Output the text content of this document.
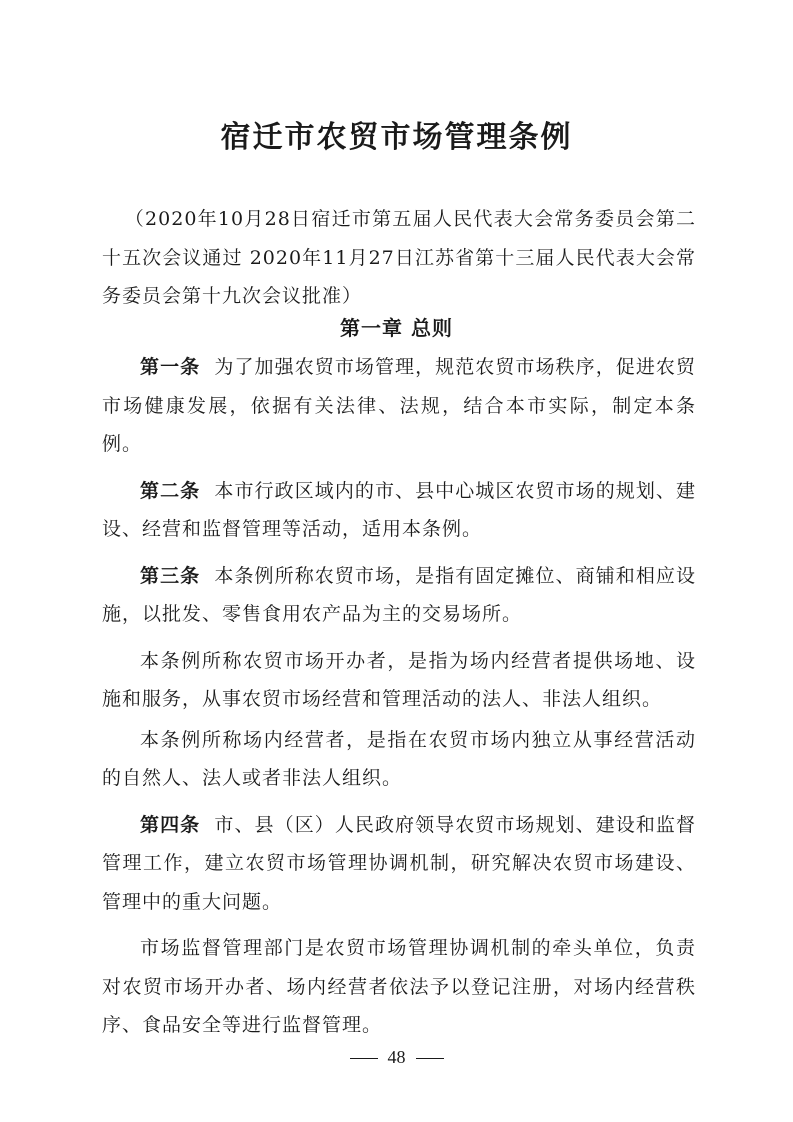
宿迁市农贸市场管理条例
（2020年10月28日宿迁市第五届人民代表大会常务委员会第二十五次会议通过 2020年11月27日江苏省第十三届人民代表大会常务委员会第十九次会议批准）
第一章 总则

第一条 为了加强农贸市场管理，规范农贸市场秩序，促进农贸市场健康发展，依据有关法律、法规，结合本市实际，制定本条例。

第二条 本市行政区域内的市、县中心城区农贸市场的规划、建设、经营和监督管理等活动，适用本条例。

第三条 本条例所称农贸市场，是指有固定摊位、商铺和相应设施，以批发、零售食用农产品为主的交易场所。

本条例所称农贸市场开办者，是指为场内经营者提供场地、设施和服务，从事农贸市场经营和管理活动的法人、非法人组织。

本条例所称场内经营者，是指在农贸市场内独立从事经营活动的自然人、法人或者非法人组织。

第四条 市、县（区）人民政府领导农贸市场规划、建设和监督管理工作，建立农贸市场管理协调机制，研究解决农贸市场建设、管理中的重大问题。

市场监督管理部门是农贸市场管理协调机制的牵头单位，负责对农贸市场开办者、场内经营者依法予以登记注册，对场内经营秩序、食品安全等进行监督管理。

48
